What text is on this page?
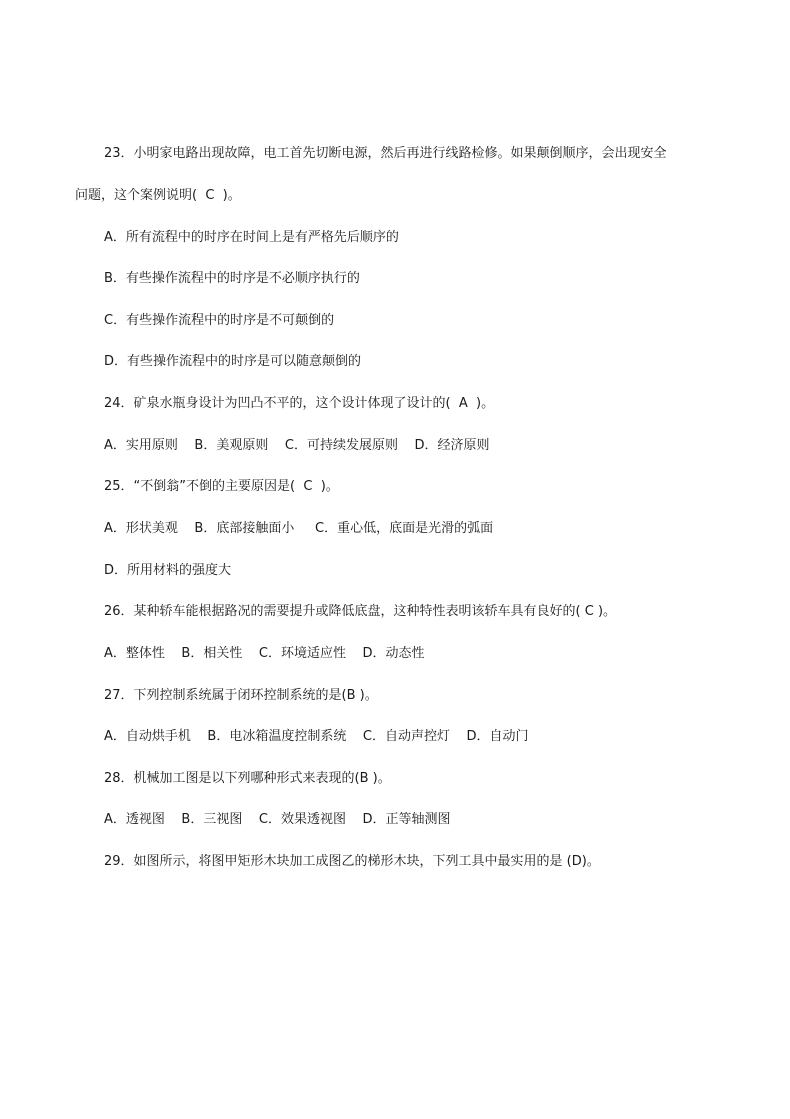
23．小明家电路出现故障，电工首先切断电源，然后再进行线路检修。如果颠倒顺序，会出现安全
问题，这个案例说明(  C  )。
A．所有流程中的时序在时间上是有严格先后顺序的
B．有些操作流程中的时序是不必顺序执行的
C．有些操作流程中的时序是不可颠倒的
D．有些操作流程中的时序是可以随意颠倒的
24．矿泉水瓶身设计为凹凸不平的，这个设计体现了设计的(  A  )。
A．实用原则    B．美观原则    C．可持续发展原则    D．经济原则
25．“不倒翁”不倒的主要原因是(  C  )。
A．形状美观    B．底部接触面小     C．重心低，底面是光滑的弧面
D．所用材料的强度大
26．某种轿车能根据路况的需要提升或降低底盘，这种特性表明该轿车具有良好的( C )。
A．整体性    B．相关性    C．环境适应性    D．动态性
27．下列控制系统属于闭环控制系统的是(B )。
A．自动烘手机    B．电冰箱温度控制系统    C．自动声控灯    D．自动门
28．机械加工图是以下列哪种形式来表现的(B )。
A．透视图    B．三视图    C．效果透视图    D．正等轴测图
29．如图所示，将图甲矩形木块加工成图乙的梯形木块，下列工具中最实用的是 (D)。
